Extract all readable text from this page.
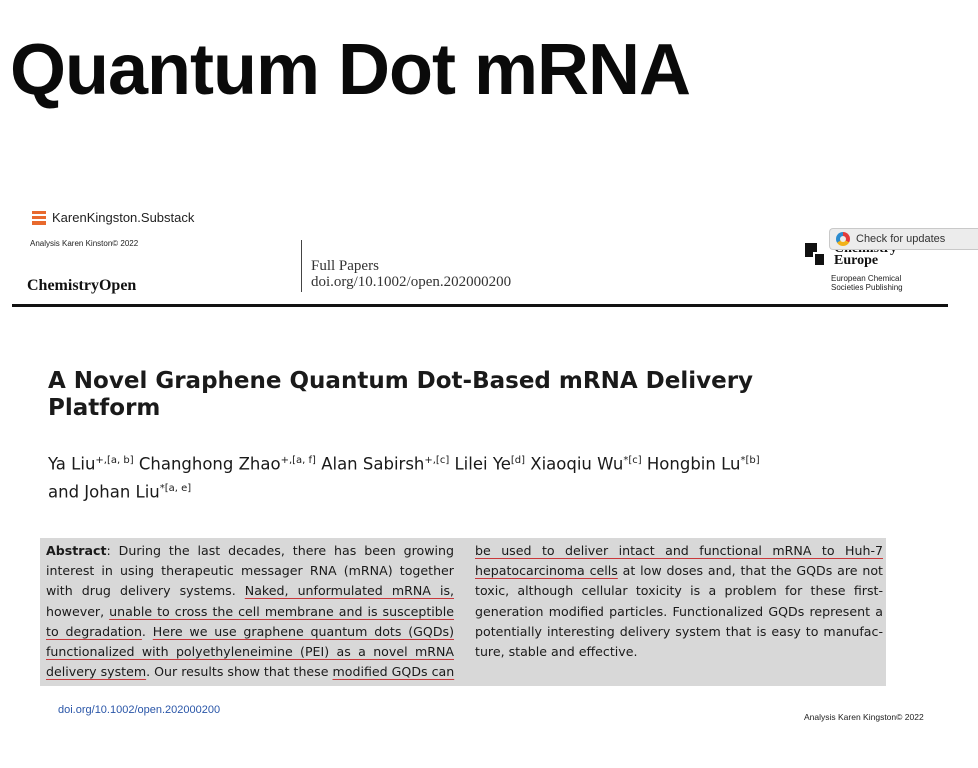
Quantum Dot mRNA
KarenKingston.Substack
Analysis Karen Kinston© 2022
ChemistryOpen
Full Papers
doi.org/10.1002/open.202000200
Europe
European Chemical
Societies Publishing
Check for updates
A Novel Graphene Quantum Dot-Based mRNA Delivery
Platform
Ya Liu$^{+,[a, b]}$ Changhong Zhao$^{+,[a, f]}$ Alan Sabirsh$^{+,[c]}$ Lilei Ye[d] Xiaoqiu $Wu^{*[c]}$ Hongbin $Lu^{*[b]}$
and Johan Liu$^{*[a, e]}$
Abstract: During the last decades, there has been growing
interest in using therapeutic messager RNA (mRNA) together
with drug delivery systems. Naked, unformulated mRNA is,
however, unable to cross the cell membrane and is susceptible
to degradation. Here we use graphene quantum dots (GQDs)
functionalized with polyethyleneimine (PEI) as a novel mRNA
delivery system. Our results show that these modified GQDs can
be used to deliver intact and functional mRNA to Huh-7
hepatocarcinoma cells at low doses and, that the GQDs are not
toxic, although cellular toxicity is a problem for these first-
generation modified particles. Functionalized GQDs represent a
potentially interesting delivery system that is easy to manufac-
ture, stable and effective.
doi.org/10.1002/open.202000200
Analysis Karen Kingston© 2022
